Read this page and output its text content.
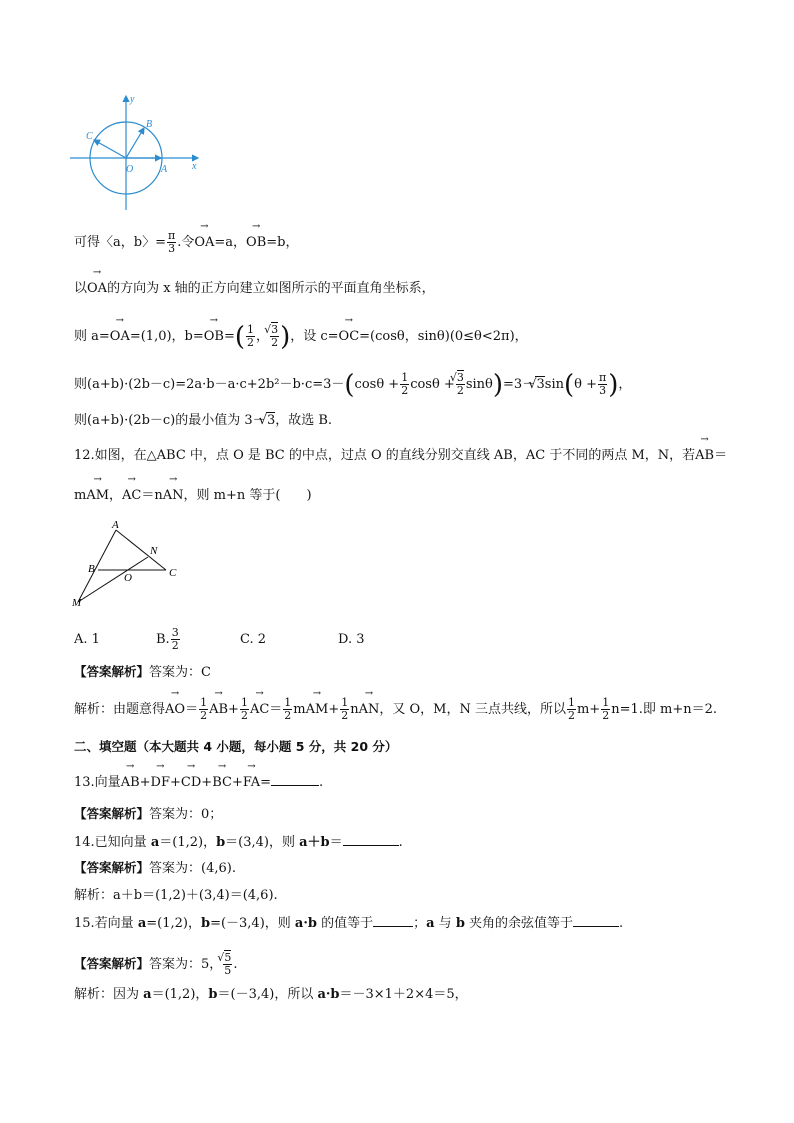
y
x
O	A
B
C
可得〈a，b〉= $\frac{\pi}{3}$ .令→ OA=a，→ OB=b，
以→ OA的方向为 x 轴的正方向建立如图所示的平面直角坐标系，
则 a=→ OA=(1,0)，$b=\to OB=( \frac{1}{2}$ ，
√ $\frac{3}{2}$ )，设 c=→ OC=(cosθ，sinθ)(0≤θ<2π)，
则$(a+b)\cdot(2b-c)=2a\cdot b-a\cdot c+2b^2-b\cdot c=3-(\cos\theta + \frac{1}{2}$ cosθ +
√ $\frac{3}{2} \sin\theta)=3-√$ $3\sin(\theta + \frac{\pi}{3}$ )，
则(a+b)·(2b－c)的最小值为 3－√ 3，故选 B.
12.如图，在△ABC 中，点 O 是 BC 的中点，过点 O 的直线分别交直线 AB，AC 于不同的两点 M，N，若→ AB＝
m→ AM，→ AC＝n→ AN，则 m+n 等于(　　)
A
N
B
O	C
M
A. 1	B. $\frac{3}{2}$	C. 2	D. 3
【答案解析】答案为：C
解析：由题意得→ $AO= \frac{1}{2}$
→ $AB+ \frac{1}{2}$
→ $AC= \frac{1}{2} m\to AM+ \frac{1}{2} n\to$ AN，又 O，M，N 三点共线，所以 $\frac{1}{2} m+ \frac{1}{2} n=1$.即 m+n＝2.
二、填空题（本大题共 4 小题，每小题 5 分，共 20 分）
13.向量→ AB+→ DF+→ CD+→ BC+→ FA=	.
【答案解析】答案为：0；
14.已知向量 a＝(1,2)，b＝(3,4)，则 a＋b＝	.
【答案解析】答案为：(4,6).
解析：a＋b＝(1,2)＋(3,4)＝(4,6).
15.若向量 a=(1,2)，b=(－3,4)，则 a·b 的值等于	；a 与 b 夹角的余弦值等于	.
【答案解析】答案为：5，
√ $\frac{5}{5}$ .
解析：因为 a＝(1,2)，b＝(－3,4)，所以 a·b＝－3×1＋2×4＝5，
